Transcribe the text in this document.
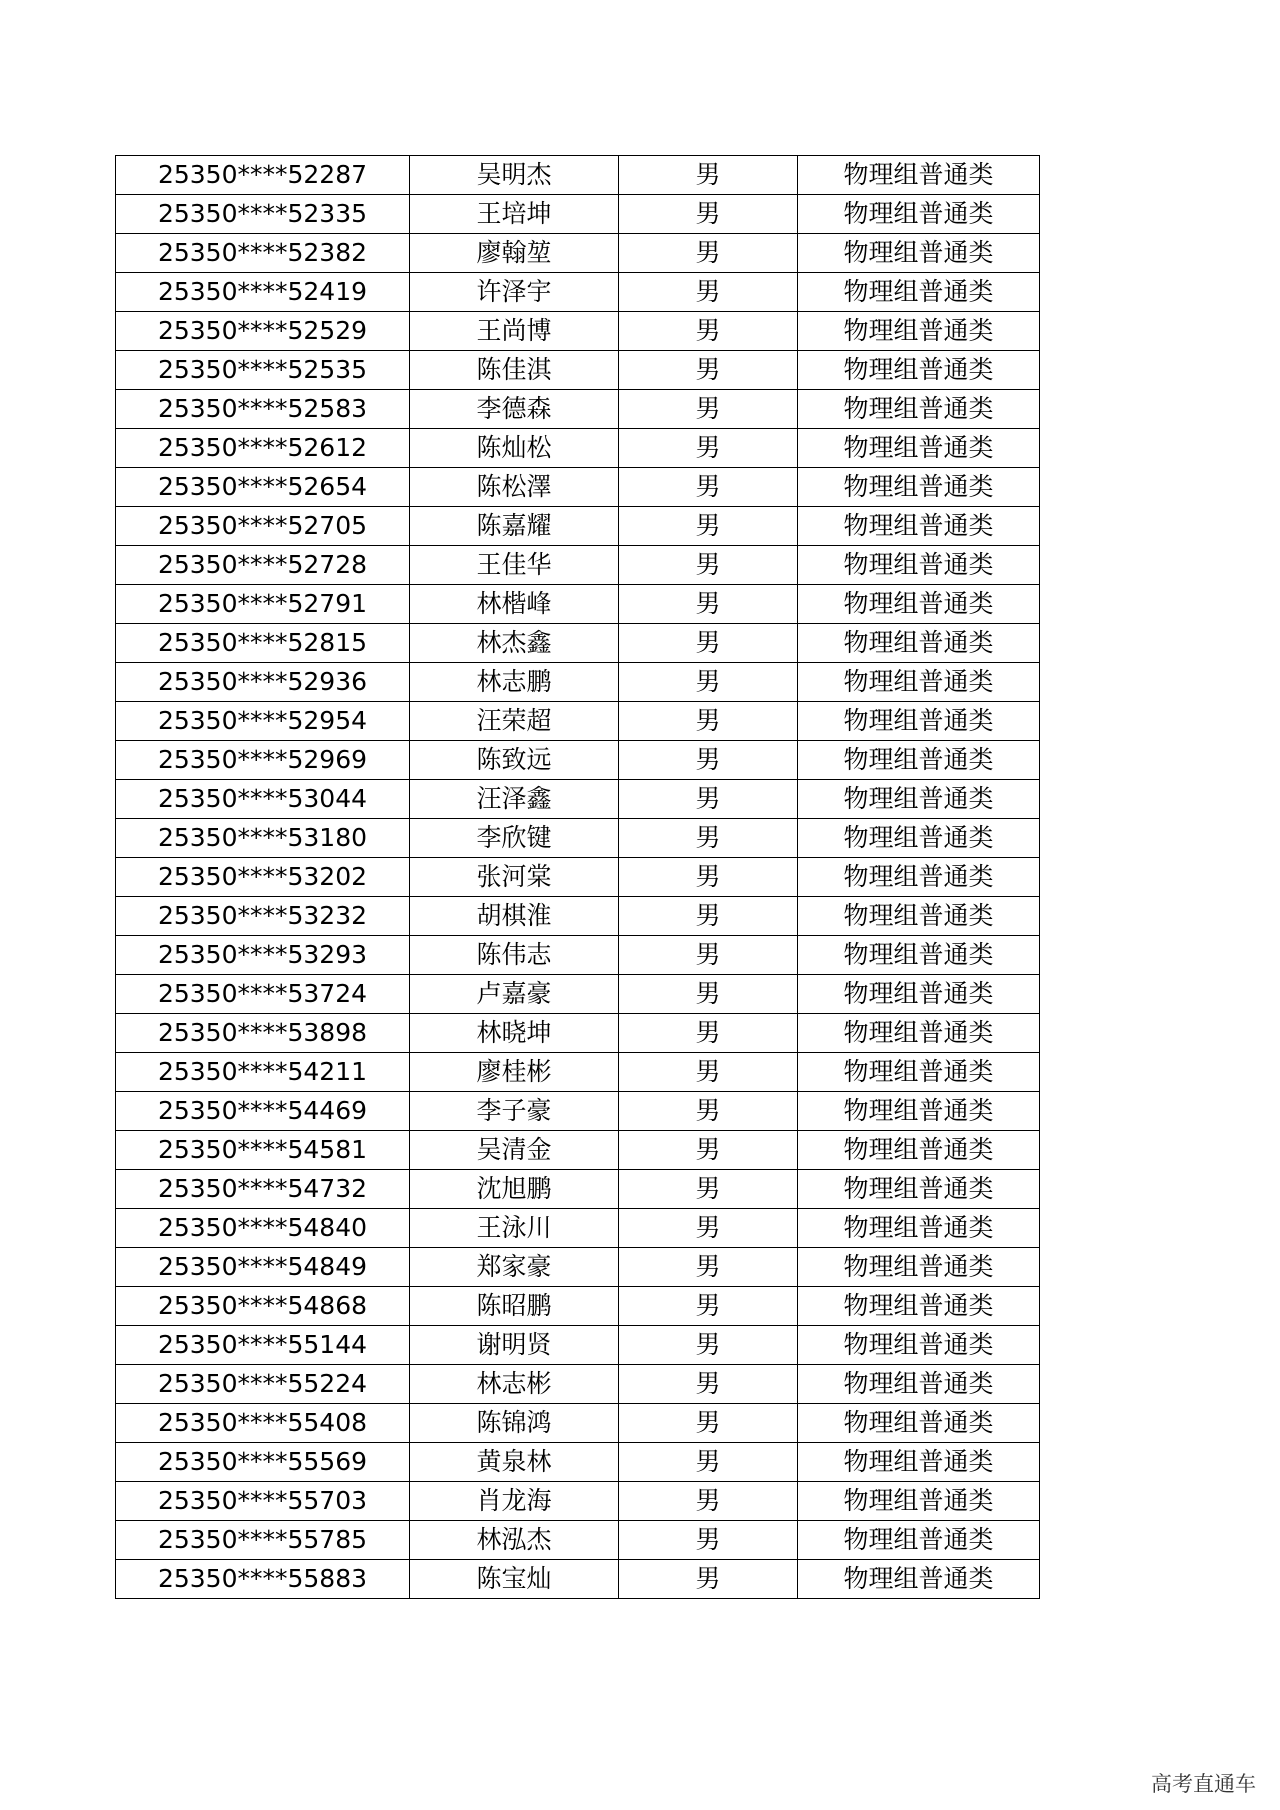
25350****52287	吴明杰	男	物理组普通类
25350****52335	王培坤	男	物理组普通类
25350****52382	廖翰堃	男	物理组普通类
25350****52419	许泽宇	男	物理组普通类
25350****52529	王尚博	男	物理组普通类
25350****52535	陈佳淇	男	物理组普通类
25350****52583	李德森	男	物理组普通类
25350****52612	陈灿松	男	物理组普通类
25350****52654	陈松澤	男	物理组普通类
25350****52705	陈嘉耀	男	物理组普通类
25350****52728	王佳华	男	物理组普通类
25350****52791	林楷峰	男	物理组普通类
25350****52815	林杰鑫	男	物理组普通类
25350****52936	林志鹏	男	物理组普通类
25350****52954	汪荣超	男	物理组普通类
25350****52969	陈致远	男	物理组普通类
25350****53044	汪泽鑫	男	物理组普通类
25350****53180	李欣键	男	物理组普通类
25350****53202	张河棠	男	物理组普通类
25350****53232	胡棋淮	男	物理组普通类
25350****53293	陈伟志	男	物理组普通类
25350****53724	卢嘉豪	男	物理组普通类
25350****53898	林晓坤	男	物理组普通类
25350****54211	廖桂彬	男	物理组普通类
25350****54469	李子豪	男	物理组普通类
25350****54581	吴清金	男	物理组普通类
25350****54732	沈旭鹏	男	物理组普通类
25350****54840	王泳川	男	物理组普通类
25350****54849	郑家豪	男	物理组普通类
25350****54868	陈昭鹏	男	物理组普通类
25350****55144	谢明贤	男	物理组普通类
25350****55224	林志彬	男	物理组普通类
25350****55408	陈锦鸿	男	物理组普通类
25350****55569	黄泉林	男	物理组普通类
25350****55703	肖龙海	男	物理组普通类
25350****55785	林泓杰	男	物理组普通类
25350****55883	陈宝灿	男	物理组普通类
高考直通车
